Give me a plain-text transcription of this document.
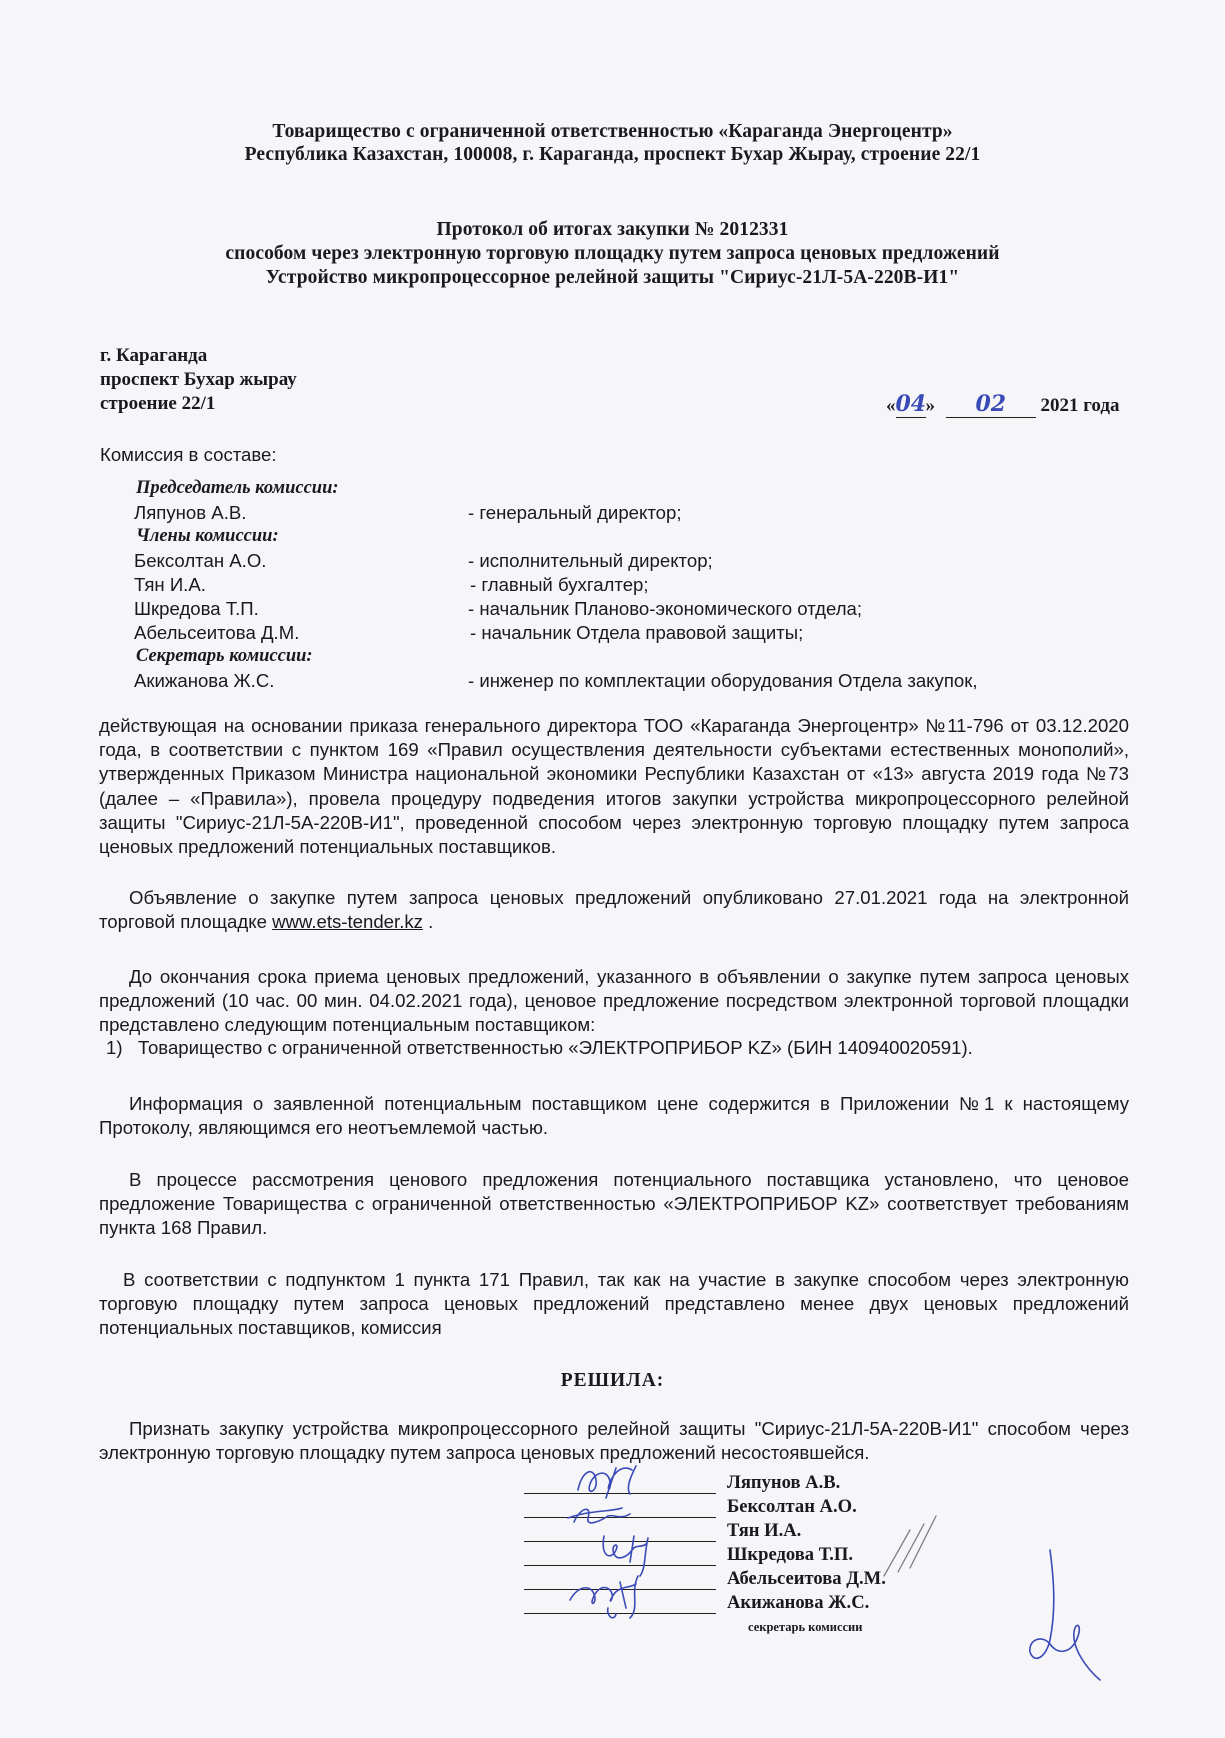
Товарищество с ограниченной ответственностью «Караганда Энергоцентр»
Республика Казахстан, 100008, г. Караганда, проспект Бухар Жырау, строение 22/1
Протокол об итогах закупки № 2012331
способом через электронную торговую площадку путем запроса ценовых предложений
Устройство микропроцессорное релейной защиты "Сириус-21Л-5А-220В-И1"
г. Караганда
проспект Бухар жырау
строение 22/1	«04» 02 2021 года
Комиссия в составе:
Председатель комиссии:
Ляпунов А.В.	- генеральный директор;
Члены комиссии:
Бексолтан А.О.	- исполнительный директор;
Тян И.А.	- главный бухгалтер;
Шкредова Т.П.	- начальник Планово-экономического отдела;
Абельсеитова Д.М.	- начальник Отдела правовой защиты;
Секретарь комиссии:
Акижанова Ж.С.	- инженер по комплектации оборудования Отдела закупок,
действующая на основании приказа генерального директора ТОО «Караганда Энергоцентр» №11-796 от 03.12.2020 года, в соответствии с пунктом 169 «Правил осуществления деятельности субъектами естественных монополий», утвержденных Приказом Министра национальной экономики Республики Казахстан от «13» августа 2019 года №73 (далее – «Правила»), провела процедуру подведения итогов закупки устройства микропроцессорного релейной защиты "Сириус-21Л-5А-220В-И1", проведенной способом через электронную торговую площадку путем запроса ценовых предложений потенциальных поставщиков.
Объявление о закупке путем запроса ценовых предложений опубликовано 27.01.2021 года на электронной торговой площадке www.ets-tender.kz .
До окончания срока приема ценовых предложений, указанного в объявлении о закупке путем запроса ценовых предложений (10 час. 00 мин. 04.02.2021 года), ценовое предложение посредством электронной торговой площадки представлено следующим потенциальным поставщиком:
1) Товарищество с ограниченной ответственностью «ЭЛЕКТРОПРИБОР KZ» (БИН 140940020591).
Информация о заявленной потенциальным поставщиком цене содержится в Приложении №1 к настоящему Протоколу, являющимся его неотъемлемой частью.
В процессе рассмотрения ценового предложения потенциального поставщика установлено, что ценовое предложение Товарищества с ограниченной ответственностью «ЭЛЕКТРОПРИБОР KZ» соответствует требованиям пункта 168 Правил.
В соответствии с подпунктом 1 пункта 171 Правил, так как на участие в закупке способом через электронную торговую площадку путем запроса ценовых предложений представлено менее двух ценовых предложений потенциальных поставщиков, комиссия
РЕШИЛА:
Признать закупку устройства микропроцессорного релейной защиты "Сириус-21Л-5А-220В-И1" способом через электронную торговую площадку путем запроса ценовых предложений несостоявшейся.
Ляпунов А.В.
Бексолтан А.О.
Тян И.А.
Шкредова Т.П.
Абельсеитова Д.М.
Акижанова Ж.С.
секретарь комиссии
